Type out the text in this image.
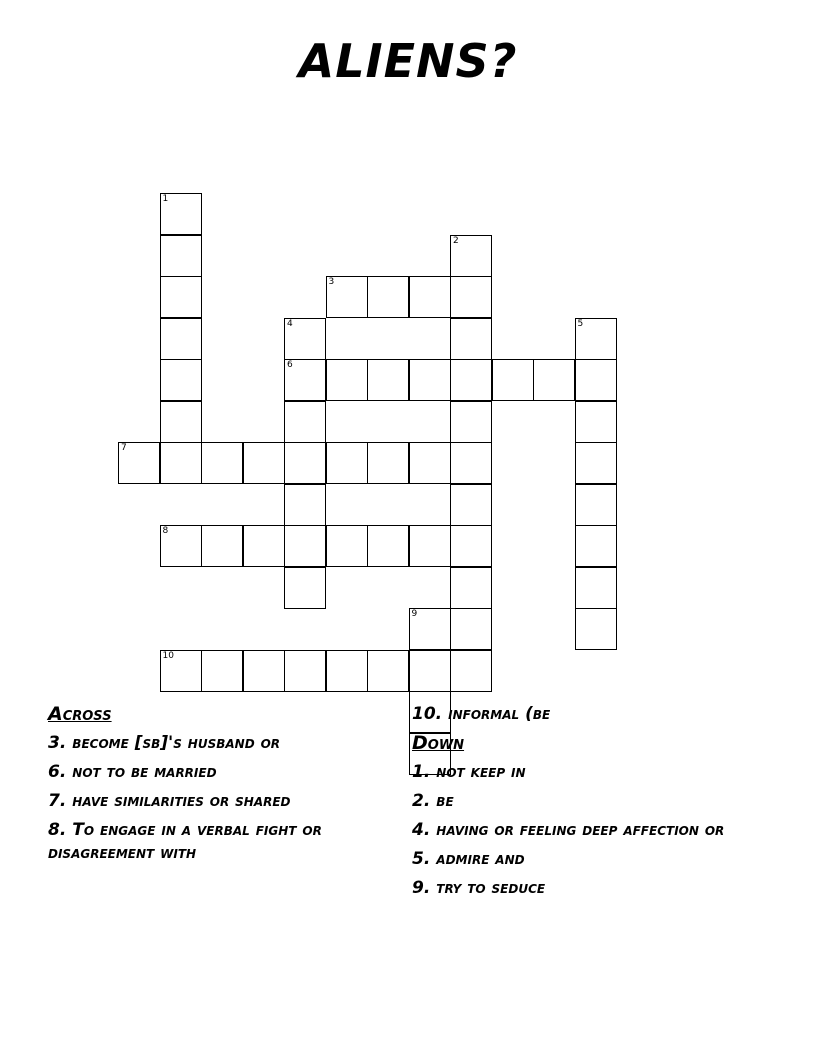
ALIENS?
1
3
4
6
2
5
7
8
9
10
Across
3. become [sb]'s husband or
6. not to be married
7. have similarities or shared
8. To engage in a verbal fight or disagreement with
10. informal (be
Down
1. not keep in
2. be
4. having or feeling deep affection or
5. admire and
9. try to seduce
